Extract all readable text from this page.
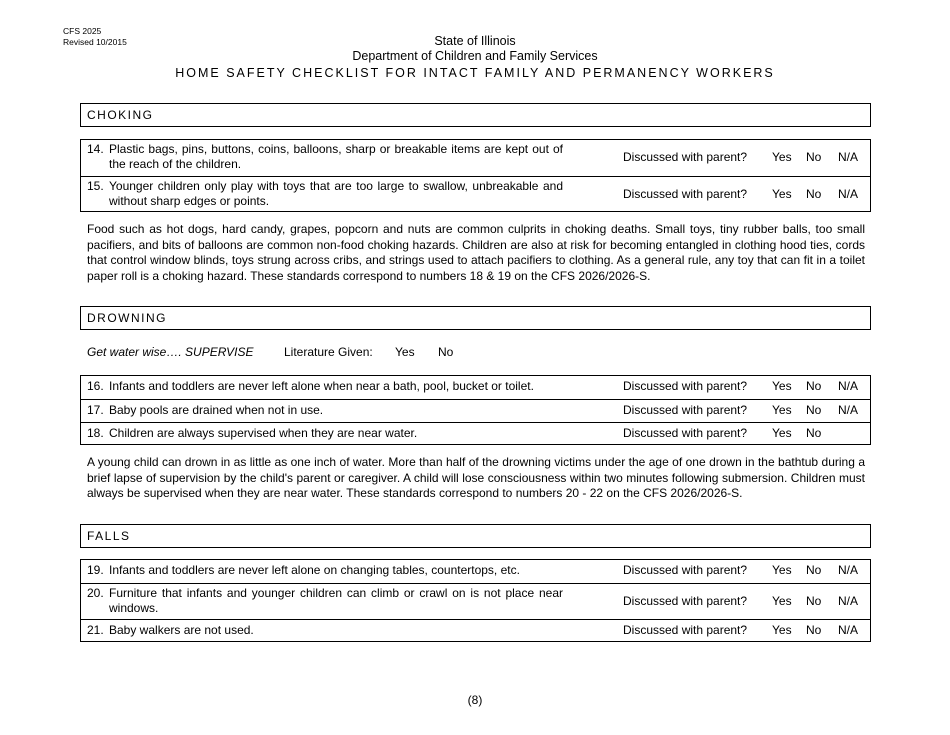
CFS 2025
Revised 10/2015	State of Illinois
Department of Children and Family Services
HOME SAFETY CHECKLIST FOR INTACT FAMILY AND PERMANENCY WORKERS
CHOKING
14. Plastic bags, pins, buttons, coins, balloons, sharp or breakable items are kept out of the reach of the children.	Discussed with parent? Yes No N/A
15. Younger children only play with toys that are too large to swallow, unbreakable and without sharp edges or points.	Discussed with parent? Yes No N/A
Food such as hot dogs, hard candy, grapes, popcorn and nuts are common culprits in choking deaths. Small toys, tiny rubber balls, too small pacifiers, and bits of balloons are common non-food choking hazards. Children are also at risk for becoming entangled in clothing hood ties, cords that control window blinds, toys strung across cribs, and strings used to attach pacifiers to clothing. As a general rule, any toy that can fit in a toilet paper roll is a choking hazard. These standards correspond to numbers 18 & 19 on the CFS 2026/2026-S.
DROWNING
Get water wise…. SUPERVISE	Literature Given: Yes No
16. Infants and toddlers are never left alone when near a bath, pool, bucket or toilet.	Discussed with parent? Yes No N/A
17. Baby pools are drained when not in use.	Discussed with parent? Yes No N/A
18. Children are always supervised when they are near water.	Discussed with parent? Yes No
A young child can drown in as little as one inch of water. More than half of the drowning victims under the age of one drown in the bathtub during a brief lapse of supervision by the child's parent or caregiver. A child will lose consciousness within two minutes following submersion. Children must always be supervised when they are near water. These standards correspond to numbers 20 - 22 on the CFS 2026/2026-S.
FALLS
19. Infants and toddlers are never left alone on changing tables, countertops, etc.	Discussed with parent? Yes No N/A
20. Furniture that infants and younger children can climb or crawl on is not place near windows.	Discussed with parent? Yes No N/A
21. Baby walkers are not used.	Discussed with parent? Yes No N/A
(8)
